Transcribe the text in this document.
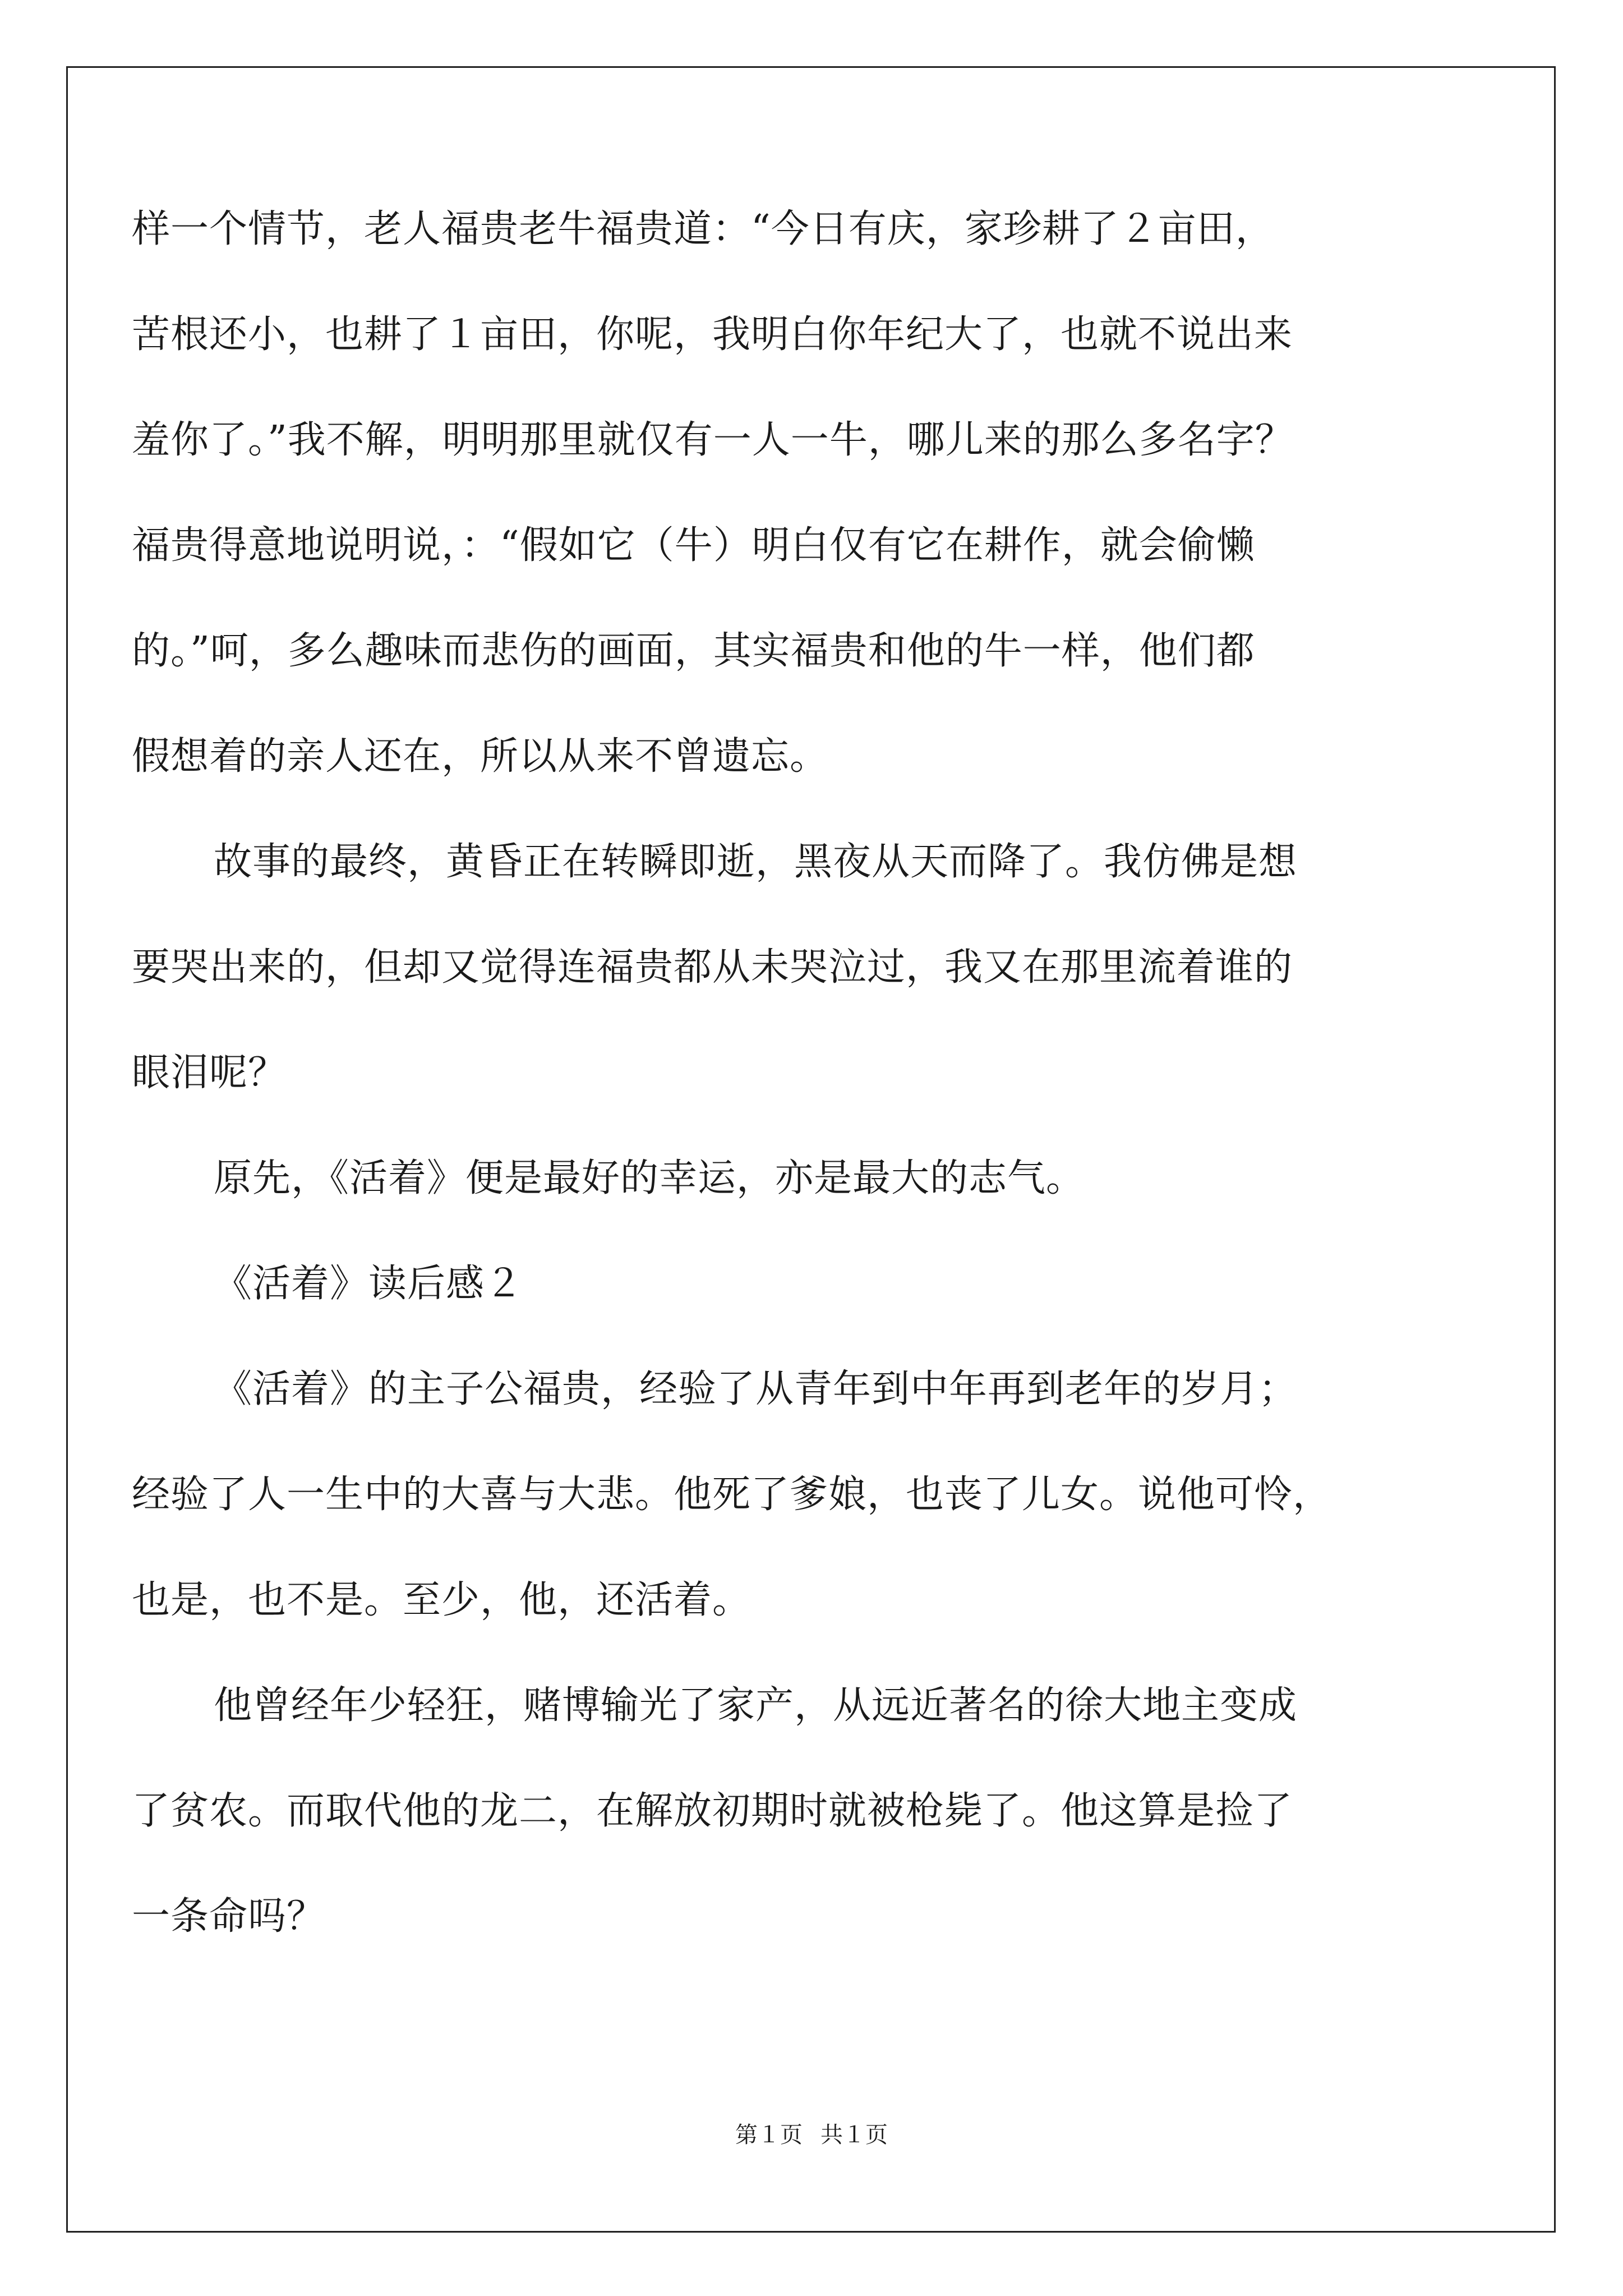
样一个情节，老人福贵老牛福贵道：“今日有庆，家珍耕了２亩田，
苦根还小，也耕了１亩田，你呢，我明白你年纪大了，也就不说出来
羞你了。”我不解，明明那里就仅有一人一牛，哪儿来的那么多名字？
福贵得意地说明说，：“假如它（牛）明白仅有它在耕作，就会偷懒
的。”呵，多么趣味而悲伤的画面，其实福贵和他的牛一样，他们都
假想着的亲人还在，所以从来不曾遗忘。
故事的最终，黄昏正在转瞬即逝，黑夜从天而降了。我仿佛是想
要哭出来的，但却又觉得连福贵都从未哭泣过，我又在那里流着谁的
眼泪呢？
原先，《活着》便是最好的幸运，亦是最大的志气。
《活着》读后感２
《活着》的主子公福贵，经验了从青年到中年再到老年的岁月；
经验了人一生中的大喜与大悲。他死了爹娘，也丧了儿女。说他可怜，
也是，也不是。至少，他，还活着。
他曾经年少轻狂，赌博输光了家产，从远近著名的徐大地主变成
了贫农。而取代他的龙二，在解放初期时就被枪毙了。他这算是捡了
一条命吗？
第１页 共１页
